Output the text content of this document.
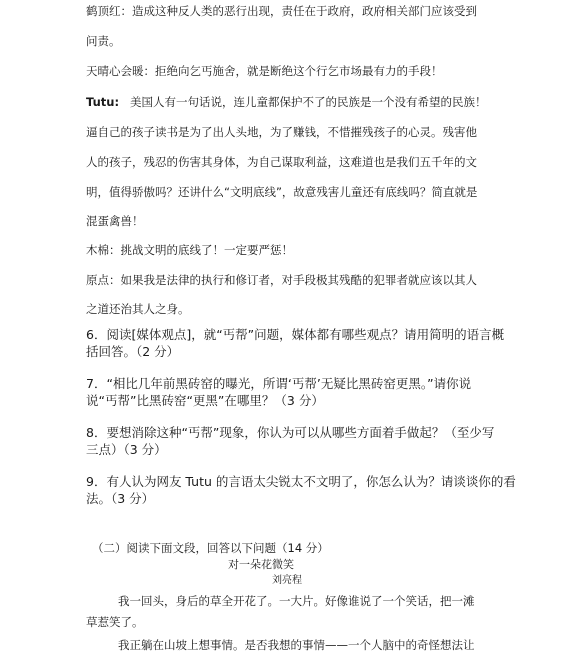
鹤顶红：造成这种反人类的恶行出现，责任在于政府，政府相关部门应该受到
问责。
天晴心会暖：拒绝向乞丐施舍，就是断绝这个行乞市场最有力的手段！
Tutu: 美国人有一句话说，连儿童都保护不了的民族是一个没有希望的民族！
逼自己的孩子读书是为了出人头地，为了赚钱，不惜摧残孩子的心灵。残害他
人的孩子，残忍的伤害其身体，为自己谋取利益，这难道也是我们五千年的文
明，值得骄傲吗？还讲什么“文明底线”，故意残害儿童还有底线吗？简直就是
混蛋禽兽！
木棉：挑战文明的底线了！一定要严惩！
原点：如果我是法律的执行和修订者，对手段极其残酷的犯罪者就应该以其人
之道还治其人之身。
6．阅读[媒体观点]，就“丐帮”问题，媒体都有哪些观点？请用简明的语言概
括回答。（2 分）
7．“相比几年前黑砖窑的曝光，所谓‘丐帮’无疑比黑砖窑更黑。”请你说
说“丐帮”比黑砖窑“更黑”在哪里？（3 分）
8．要想消除这种“丐帮”现象，你认为可以从哪些方面着手做起？（至少写
三点）（3 分）
9．有人认为网友 Tutu 的言语太尖锐太不文明了，你怎么认为？请谈谈你的看
法。（3 分）
（二）阅读下面文段，回答以下问题（14 分）
对一朵花微笑
刘亮程
我一回头，身后的草全开花了。一大片。好像谁说了一个笑话，把一滩
草惹笑了。
我正躺在山坡上想事情。是否我想的事情——一个人脑中的奇怪想法让
